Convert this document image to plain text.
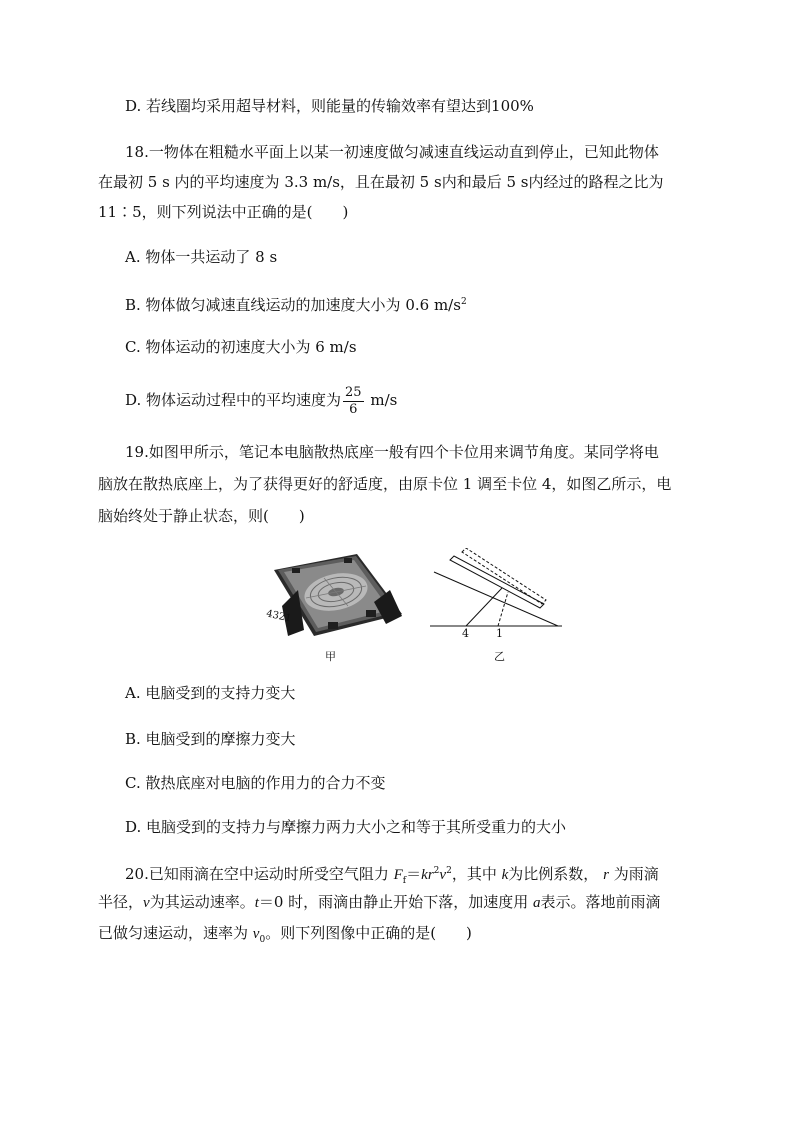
D. 若线圈均采用超导材料，则能量的传输效率有望达到100%
18.一物体在粗糙水平面上以某一初速度做匀减速直线运动直到停止，已知此物体
在最初 5 s 内的平均速度为 3.3 m/s，且在最初 5 s内和最后 5 s内经过的路程之比为
11∶5，则下列说法中正确的是(　　)
A. 物体一共运动了 8 s
B. 物体做匀减速直线运动的加速度大小为 0.6 $m/s^2$
C. 物体运动的初速度大小为 6 m/s
D. 物体运动过程中的平均速度为 $\frac{25}{6} m/s$
19.如图甲所示，笔记本电脑散热底座一般有四个卡位用来调节角度。某同学将电
脑放在散热底座上，为了获得更好的舒适度，由原卡位 1 调至卡位 4，如图乙所示，电
脑始终处于静止状态，则(　　)
4321
甲
4 1
乙
A. 电脑受到的支持力变大
B. 电脑受到的摩擦力变大
C. 散热底座对电脑的作用力的合力不变
D. 电脑受到的支持力与摩擦力两力大小之和等于其所受重力的大小
20.已知雨滴在空中运动时所受空气阻力 $F_f=kr^2v^2$，其中 k为比例系数， r 为雨滴
半径，v为其运动速率。t＝0 时，雨滴由静止开始下落，加速度用 a表示。落地前雨滴
已做匀速运动，速率为 $v_0$。则下列图像中正确的是(　　)
